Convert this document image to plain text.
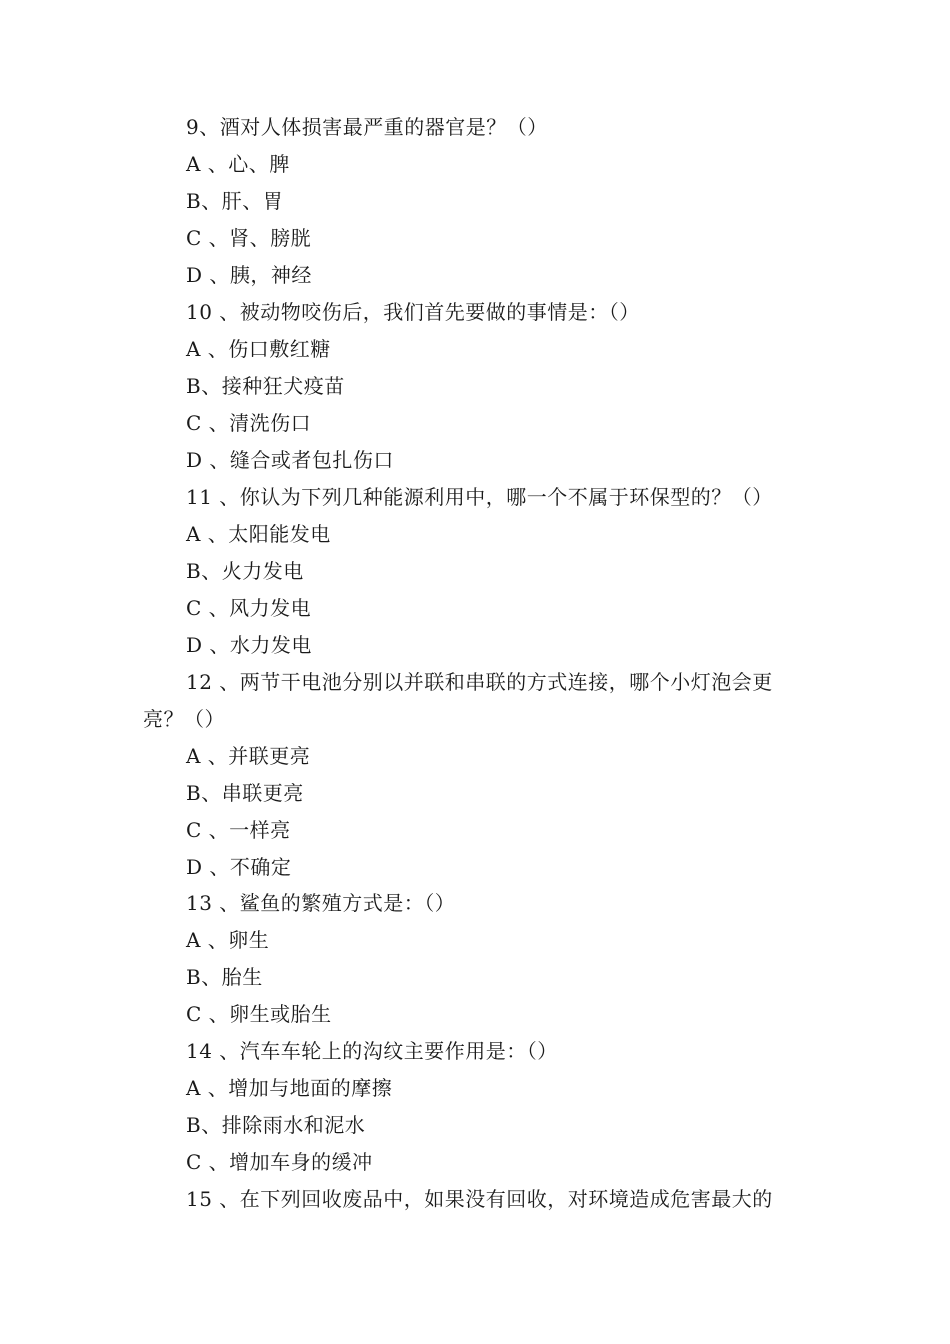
9、酒对人体损害最严重的器官是？（）
A 、心、脾
B、肝、胃
C 、肾、膀胱
D 、胰，神经
10 、被动物咬伤后，我们首先要做的事情是：（）
A 、伤口敷红糖
B、接种狂犬疫苗
C 、清洗伤口
D 、缝合或者包扎伤口
11 、你认为下列几种能源利用中，哪一个不属于环保型的？（）
A 、太阳能发电
B、火力发电
C 、风力发电
D 、水力发电
12 、两节干电池分别以并联和串联的方式连接，哪个小灯泡会更
亮？（）
A 、并联更亮
B、串联更亮
C 、一样亮
D 、不确定
13 、鲨鱼的繁殖方式是：（）
A 、卵生
B、胎生
C 、卵生或胎生
14 、汽车车轮上的沟纹主要作用是：（）
A 、增加与地面的摩擦
B、排除雨水和泥水
C 、增加车身的缓冲
15 、在下列回收废品中，如果没有回收，对环境造成危害最大的
